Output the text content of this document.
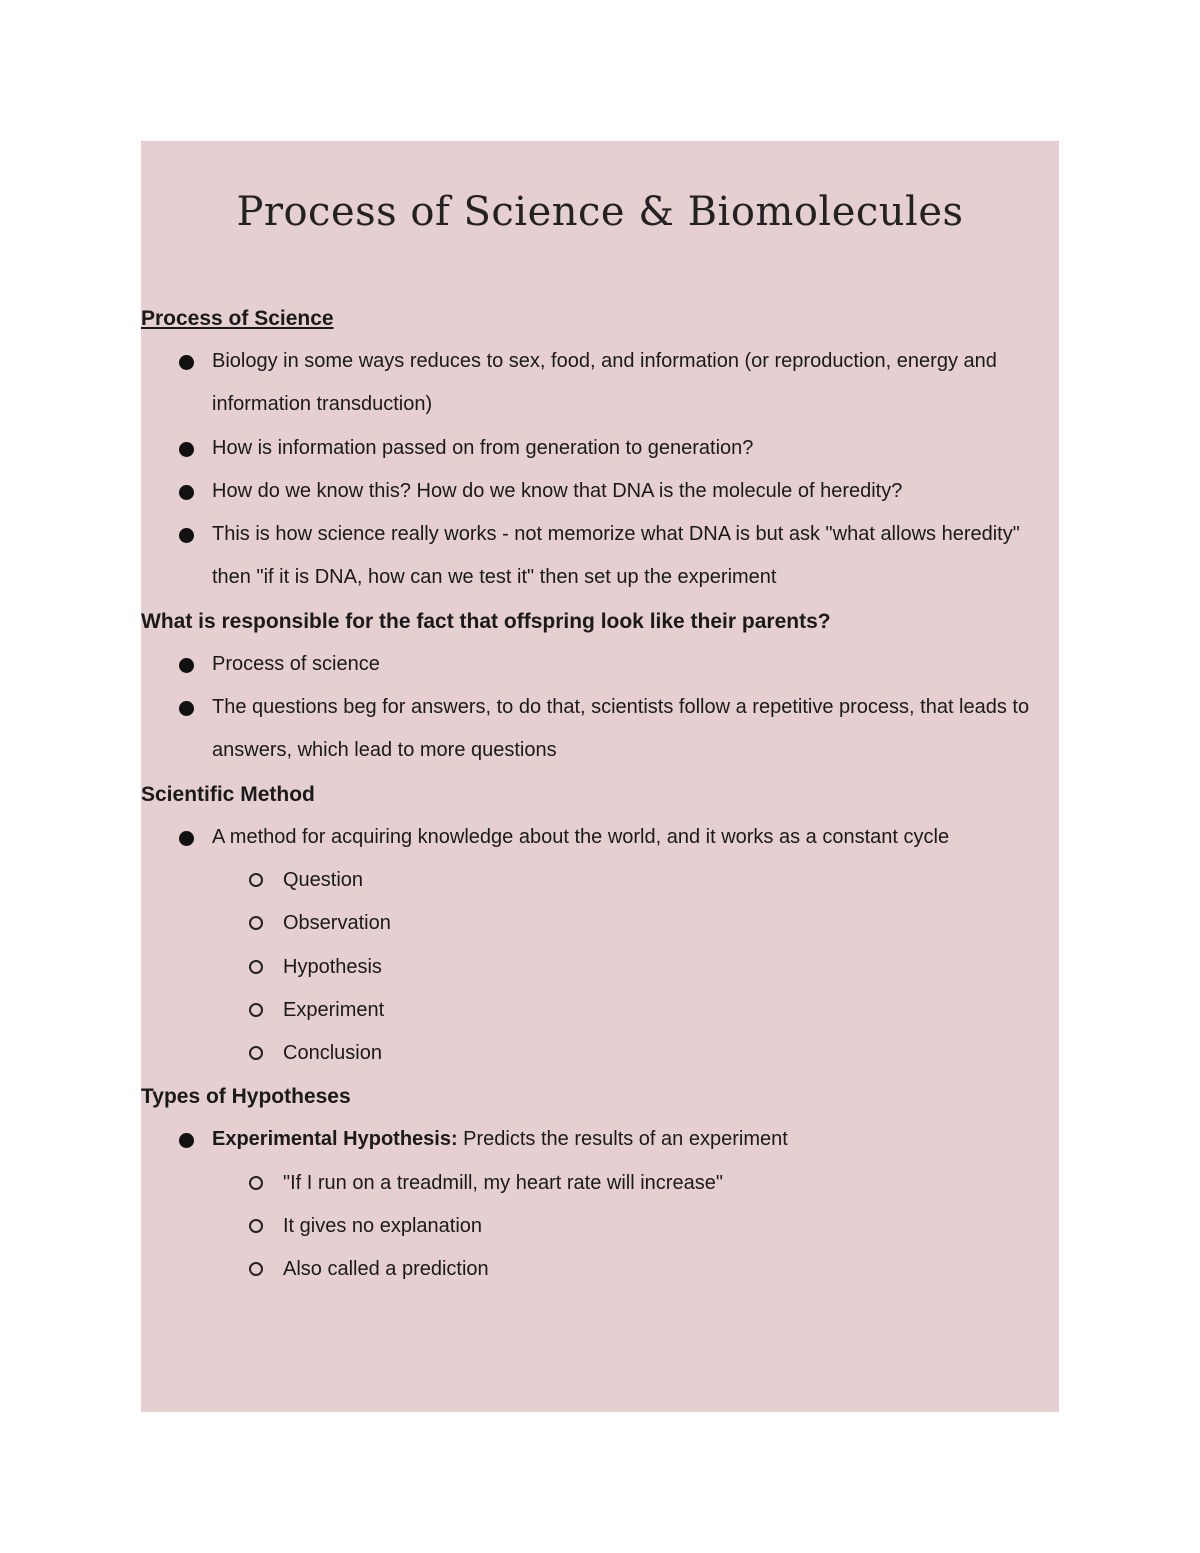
Process of Science & Biomolecules
Process of Science
Biology in some ways reduces to sex, food, and information (or reproduction, energy and information transduction)
How is information passed on from generation to generation?
How do we know this? How do we know that DNA is the molecule of heredity?
This is how science really works - not memorize what DNA is but ask "what allows heredity" then "if it is DNA, how can we test it" then set up the experiment
What is responsible for the fact that offspring look like their parents?
Process of science
The questions beg for answers, to do that, scientists follow a repetitive process, that leads to answers, which lead to more questions
Scientific Method
A method for acquiring knowledge about the world, and it works as a constant cycle
Question
Observation
Hypothesis
Experiment
Conclusion
Types of Hypotheses
Experimental Hypothesis: Predicts the results of an experiment
"If I run on a treadmill, my heart rate will increase"
It gives no explanation
Also called a prediction
